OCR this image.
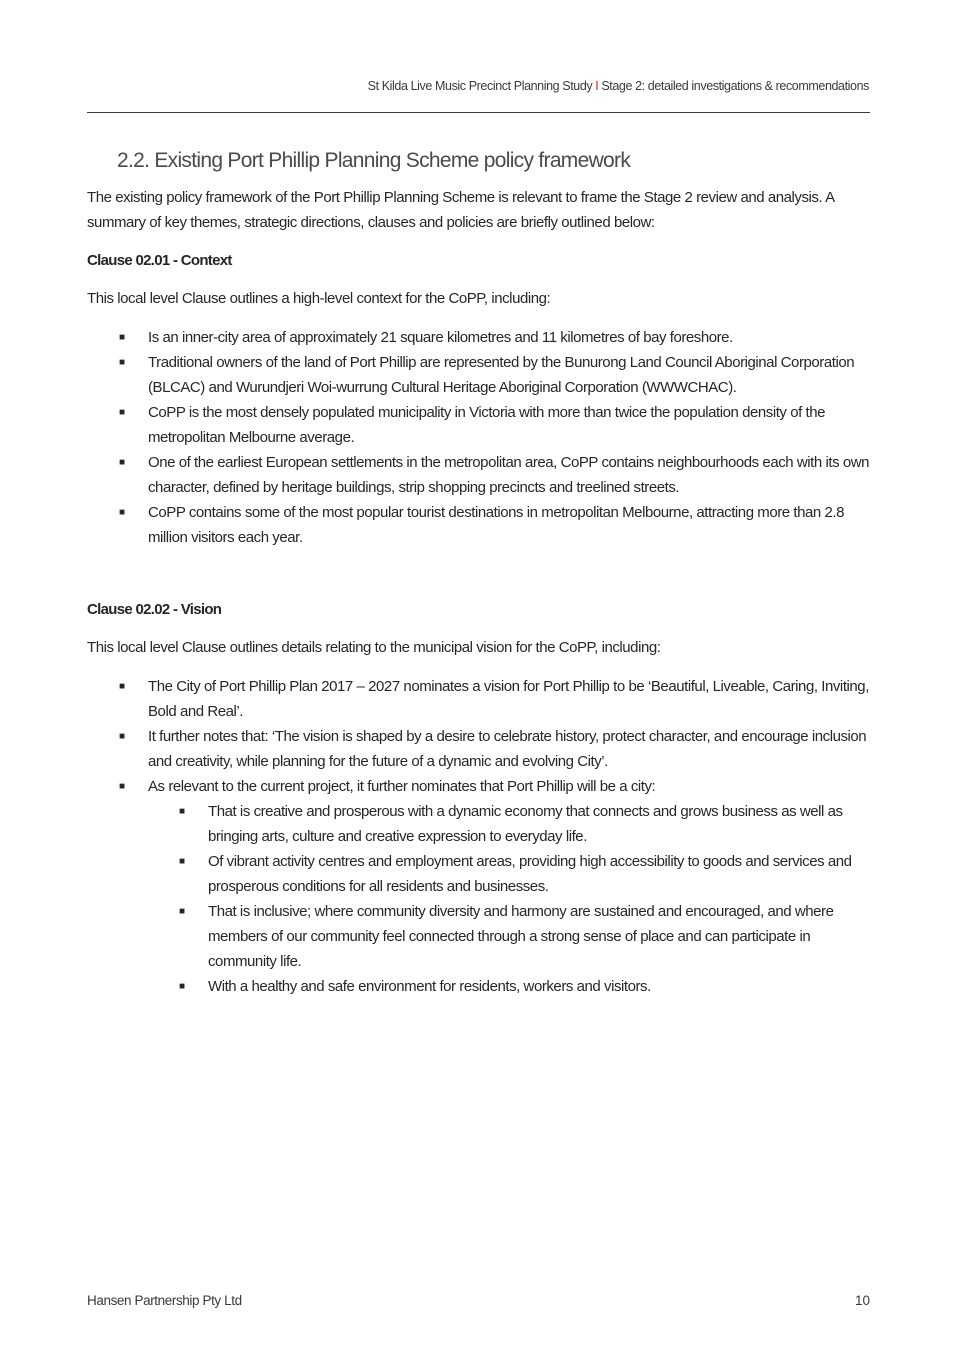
St Kilda Live Music Precinct Planning Study I Stage 2: detailed investigations & recommendations
2.2. Existing Port Phillip Planning Scheme policy framework

The existing policy framework of the Port Phillip Planning Scheme is relevant to frame the Stage 2 review and analysis. A summary of key themes, strategic directions, clauses and policies are briefly outlined below:

Clause 02.01 - Context

This local level Clause outlines a high-level context for the CoPP, including:

■ Is an inner-city area of approximately 21 square kilometres and 11 kilometres of bay foreshore.
■ Traditional owners of the land of Port Phillip are represented by the Bunurong Land Council Aboriginal Corporation (BLCAC) and Wurundjeri Woi-wurrung Cultural Heritage Aboriginal Corporation (WWWCHAC).
■ CoPP is the most densely populated municipality in Victoria with more than twice the population density of the metropolitan Melbourne average.
■ One of the earliest European settlements in the metropolitan area, CoPP contains neighbourhoods each with its own character, defined by heritage buildings, strip shopping precincts and treelined streets.
■ CoPP contains some of the most popular tourist destinations in metropolitan Melbourne, attracting more than 2.8 million visitors each year.
Clause 02.02 - Vision

This local level Clause outlines details relating to the municipal vision for the CoPP, including:

■ The City of Port Phillip Plan 2017 – 2027 nominates a vision for Port Phillip to be ‘Beautiful, Liveable, Caring, Inviting, Bold and Real’.
■ It further notes that: ‘The vision is shaped by a desire to celebrate history, protect character, and encourage inclusion and creativity, while planning for the future of a dynamic and evolving City’.
■ As relevant to the current project, it further nominates that Port Phillip will be a city:
■ That is creative and prosperous with a dynamic economy that connects and grows business as well as bringing arts, culture and creative expression to everyday life.
■ Of vibrant activity centres and employment areas, providing high accessibility to goods and services and prosperous conditions for all residents and businesses.
■ That is inclusive; where community diversity and harmony are sustained and encouraged, and where members of our community feel connected through a strong sense of place and can participate in community life.
■ With a healthy and safe environment for residents, workers and visitors.
Hansen Partnership Pty Ltd	10
